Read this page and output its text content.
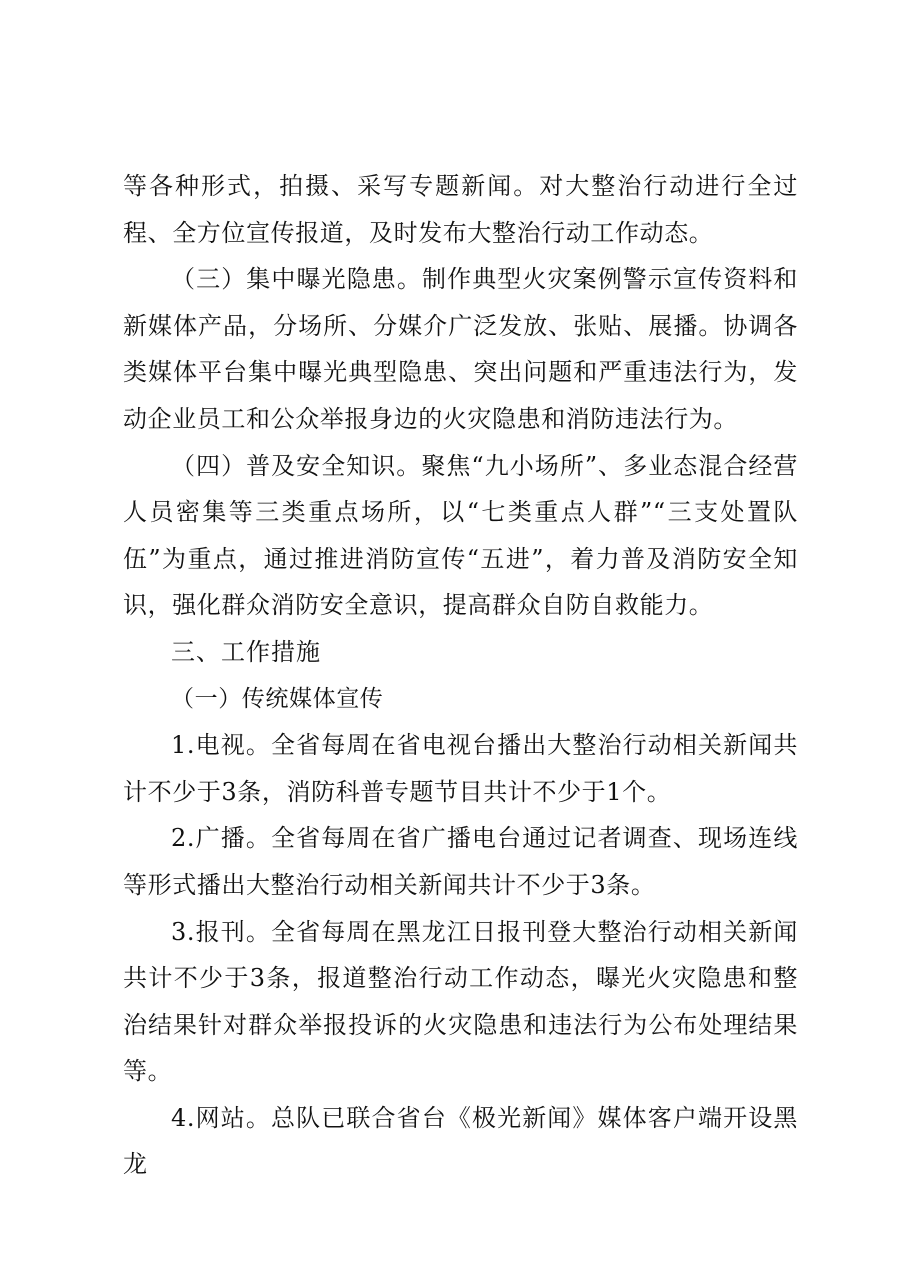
等各种形式，拍摄、采写专题新闻。对大整治行动进行全过程、全方位宣传报道，及时发布大整治行动工作动态。

（三）集中曝光隐患。制作典型火灾案例警示宣传资料和新媒体产品，分场所、分媒介广泛发放、张贴、展播。协调各类媒体平台集中曝光典型隐患、突出问题和严重违法行为，发动企业员工和公众举报身边的火灾隐患和消防违法行为。

（四）普及安全知识。聚焦“九小场所”、多业态混合经营人员密集等三类重点场所，以“七类重点人群”“三支处置队伍”为重点，通过推进消防宣传“五进”，着力普及消防安全知识，强化群众消防安全意识，提高群众自防自救能力。

三、工作措施

（一）传统媒体宣传

1.电视。全省每周在省电视台播出大整治行动相关新闻共计不少于3条，消防科普专题节目共计不少于1个。

2.广播。全省每周在省广播电台通过记者调查、现场连线等形式播出大整治行动相关新闻共计不少于3条。

3.报刊。全省每周在黑龙江日报刊登大整治行动相关新闻共计不少于3条，报道整治行动工作动态，曝光火灾隐患和整治结果针对群众举报投诉的火灾隐患和违法行为公布处理结果等。

4.网站。总队已联合省台《极光新闻》媒体客户端开设黑龙
